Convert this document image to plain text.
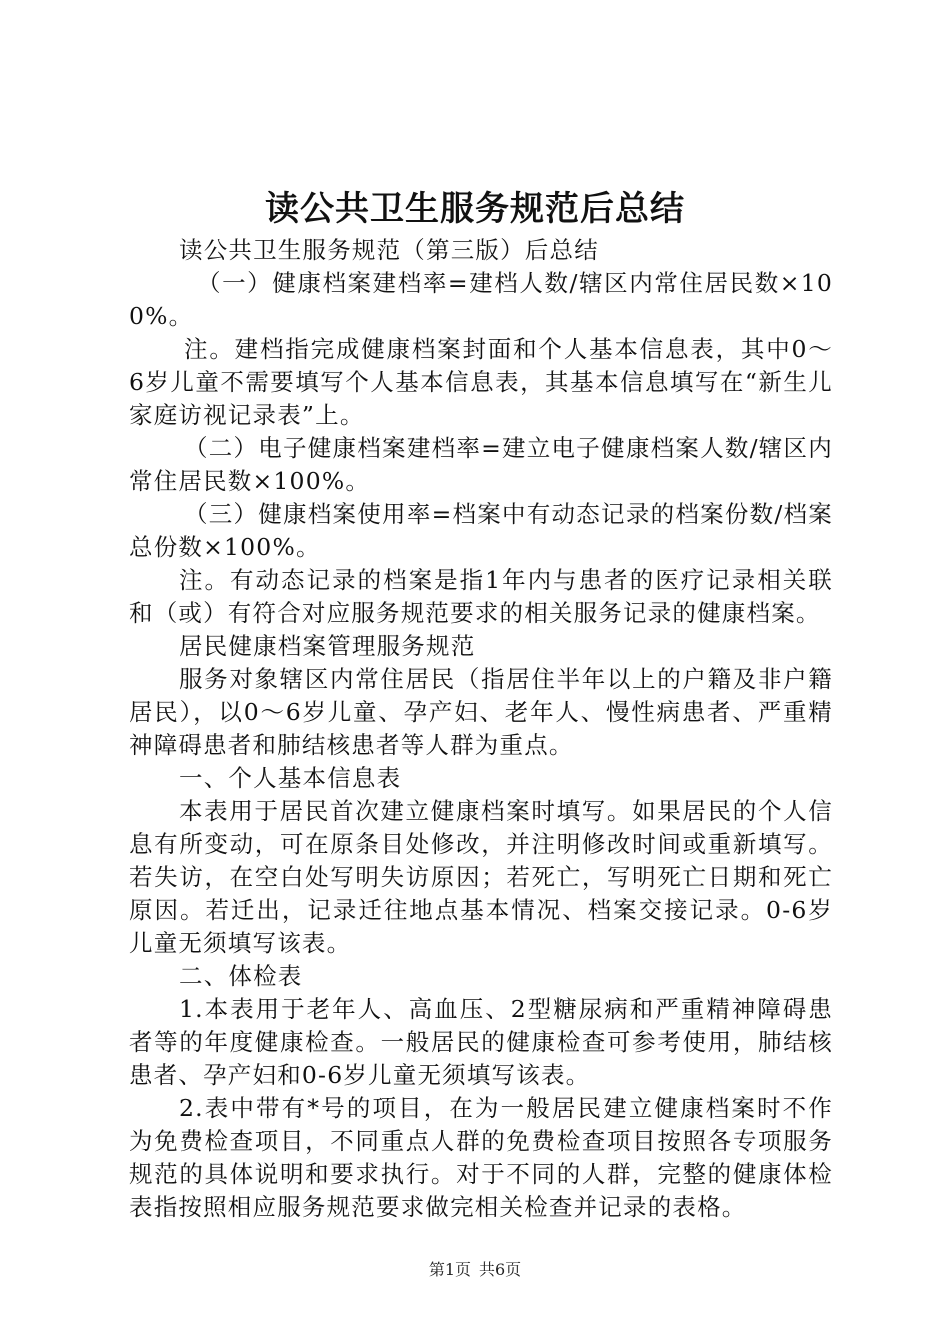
读公共卫生服务规范后总结

读公共卫生服务规范（第三版）后总结

（一）健康档案建档率=建档人数/辖区内常住居民数×100%。

注。建档指完成健康档案封面和个人基本信息表，其中0～6岁儿童不需要填写个人基本信息表，其基本信息填写在“新生儿家庭访视记录表”上。

（二）电子健康档案建档率=建立电子健康档案人数/辖区内常住居民数×100%。

（三）健康档案使用率=档案中有动态记录的档案份数/档案总份数×100%。

注。有动态记录的档案是指1年内与患者的医疗记录相关联和（或）有符合对应服务规范要求的相关服务记录的健康档案。

居民健康档案管理服务规范

服务对象辖区内常住居民（指居住半年以上的户籍及非户籍居民），以0～6岁儿童、孕产妇、老年人、慢性病患者、严重精神障碍患者和肺结核患者等人群为重点。

一、个人基本信息表

本表用于居民首次建立健康档案时填写。如果居民的个人信息有所变动，可在原条目处修改，并注明修改时间或重新填写。若失访，在空白处写明失访原因；若死亡，写明死亡日期和死亡原因。若迁出，记录迁往地点基本情况、档案交接记录。0-6岁儿童无须填写该表。

二、体检表

1.本表用于老年人、高血压、2型糖尿病和严重精神障碍患者等的年度健康检查。一般居民的健康检查可参考使用，肺结核患者、孕产妇和0-6岁儿童无须填写该表。

2.表中带有*号的项目，在为一般居民建立健康档案时不作为免费检查项目，不同重点人群的免费检查项目按照各专项服务规范的具体说明和要求执行。对于不同的人群，完整的健康体检表指按照相应服务规范要求做完相关检查并记录的表格。

第1页 共6页
